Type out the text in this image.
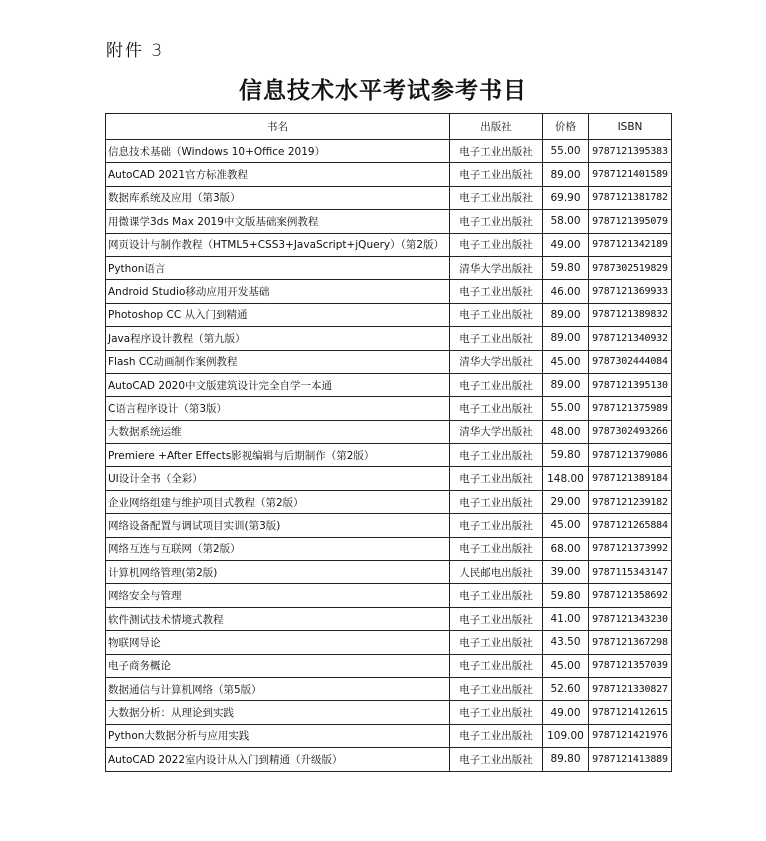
附件 3
信息技术水平考试参考书目
书名	出版社	价格	ISBN
信息技术基础（Windows 10+Office 2019）	电子工业出版社	55.00	9787121395383
AutoCAD 2021官方标准教程	电子工业出版社	89.00	9787121401589
数据库系统及应用（第3版）	电子工业出版社	69.90	9787121381782
用微课学3ds Max 2019中文版基础案例教程	电子工业出版社	58.00	9787121395079
网页设计与制作教程（HTML5+CSS3+JavaScript+jQuery）（第2版）	电子工业出版社	49.00	9787121342189
Python语言	清华大学出版社	59.80	9787302519829
Android Studio移动应用开发基础	电子工业出版社	46.00	9787121369933
Photoshop CC 从入门到精通	电子工业出版社	89.00	9787121389832
Java程序设计教程（第九版）	电子工业出版社	89.00	9787121340932
Flash CC动画制作案例教程	清华大学出版社	45.00	9787302444084
AutoCAD 2020中文版建筑设计完全自学一本通	电子工业出版社	89.00	9787121395130
C语言程序设计（第3版）	电子工业出版社	55.00	9787121375989
大数据系统运维	清华大学出版社	48.00	9787302493266
Premiere +After Effects影视编辑与后期制作（第2版）	电子工业出版社	59.80	9787121379086
UI设计全书（全彩）	电子工业出版社	148.00	9787121389184
企业网络组建与维护项目式教程（第2版）	电子工业出版社	29.00	9787121239182
网络设备配置与调试项目实训(第3版)	电子工业出版社	45.00	9787121265884
网络互连与互联网（第2版）	电子工业出版社	68.00	9787121373992
计算机网络管理(第2版)	人民邮电出版社	39.00	9787115343147
网络安全与管理	电子工业出版社	59.80	9787121358692
软件测试技术情境式教程	电子工业出版社	41.00	9787121343230
物联网导论	电子工业出版社	43.50	9787121367298
电子商务概论	电子工业出版社	45.00	9787121357039
数据通信与计算机网络（第5版）	电子工业出版社	52.60	9787121330827
大数据分析：从理论到实践	电子工业出版社	49.00	9787121412615
Python大数据分析与应用实践	电子工业出版社	109.00	9787121421976
AutoCAD 2022室内设计从入门到精通（升级版）	电子工业出版社	89.80	9787121413889
